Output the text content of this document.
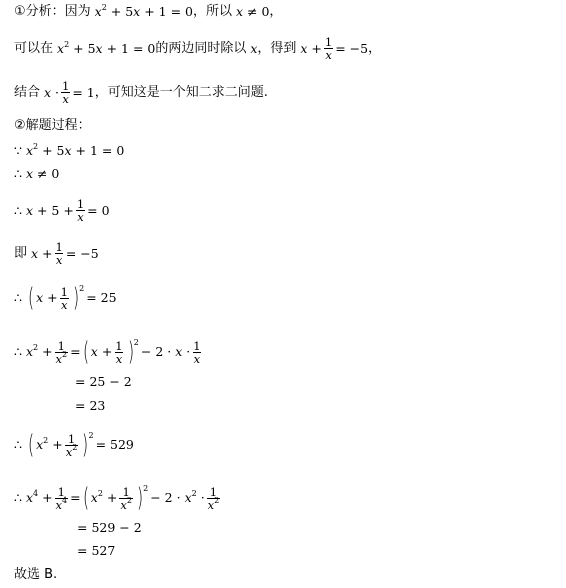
①分析：因为 $x^2 + 5x + 1 = 0$ ，所以 x ≠ 0 ，
可以在 $x^2 + 5x + 1 = 0$ 的两边同时除以 x ，得到 $x + \frac{1}{x} = -5$ ，
结合 $x \cdot \frac{1}{x} = 1$ ，可知这是一个知二求二问题.
②解题过程：
∵ $x^2 + 5x + 1 = 0$
∴ x ≠ 0
∴ $x + 5 + \frac{1}{x} = 0$
即 $x + \frac{1}{x} = -5$
∴ ( $x + \frac{1}{x}$ ) 2
= 25
∴ $x^2 + \frac{1}{x^2}$ = ( $x + \frac{1}{x}$ ) 2
− $2 \cdot x \cdot \frac{1}{x}$
= 25 − 2
= 23
∴ ( $x^2 + \frac{1}{x^2}$ ) 2
= 529
∴ $x^4 + \frac{1}{x^4}$ = ( $x^2 + \frac{1}{x^2}$ ) 2
− $2 \cdot x^2 \cdot \frac{1}{x^2}$
= 529 − 2
= 527
故选 B.
